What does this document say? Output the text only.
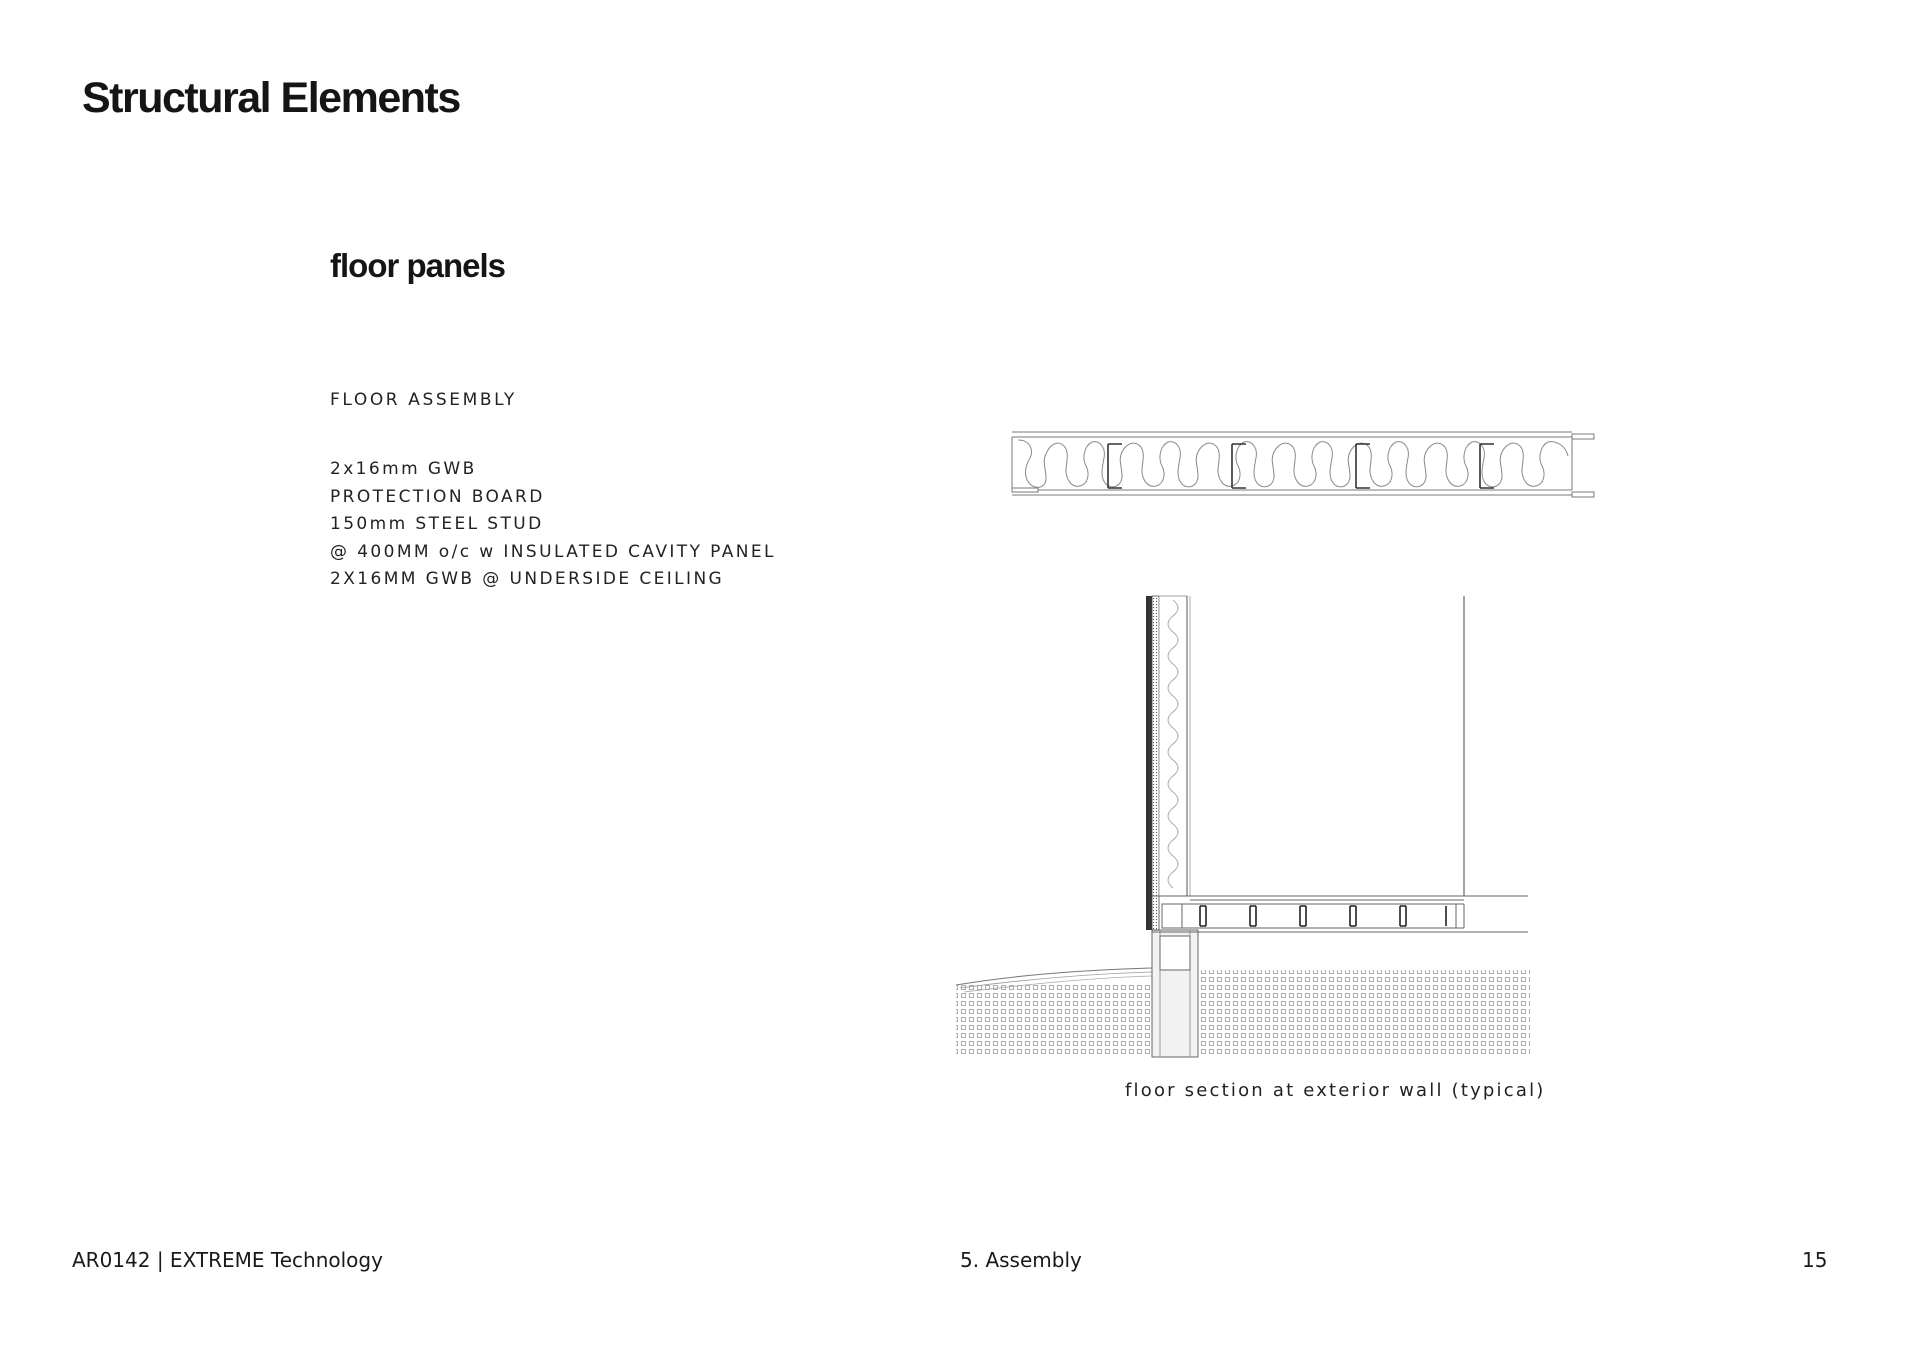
Structural Elements
floor panels
FLOOR ASSEMBLY
2x16mm GWB
PROTECTION BOARD
150mm STEEL STUD
@ 400MM o/c w INSULATED CAVITY PANEL
2X16MM GWB @ UNDERSIDE CEILING
floor section at exterior wall (typical)
AR0142 | EXTREME Technology	5. Assembly	15
